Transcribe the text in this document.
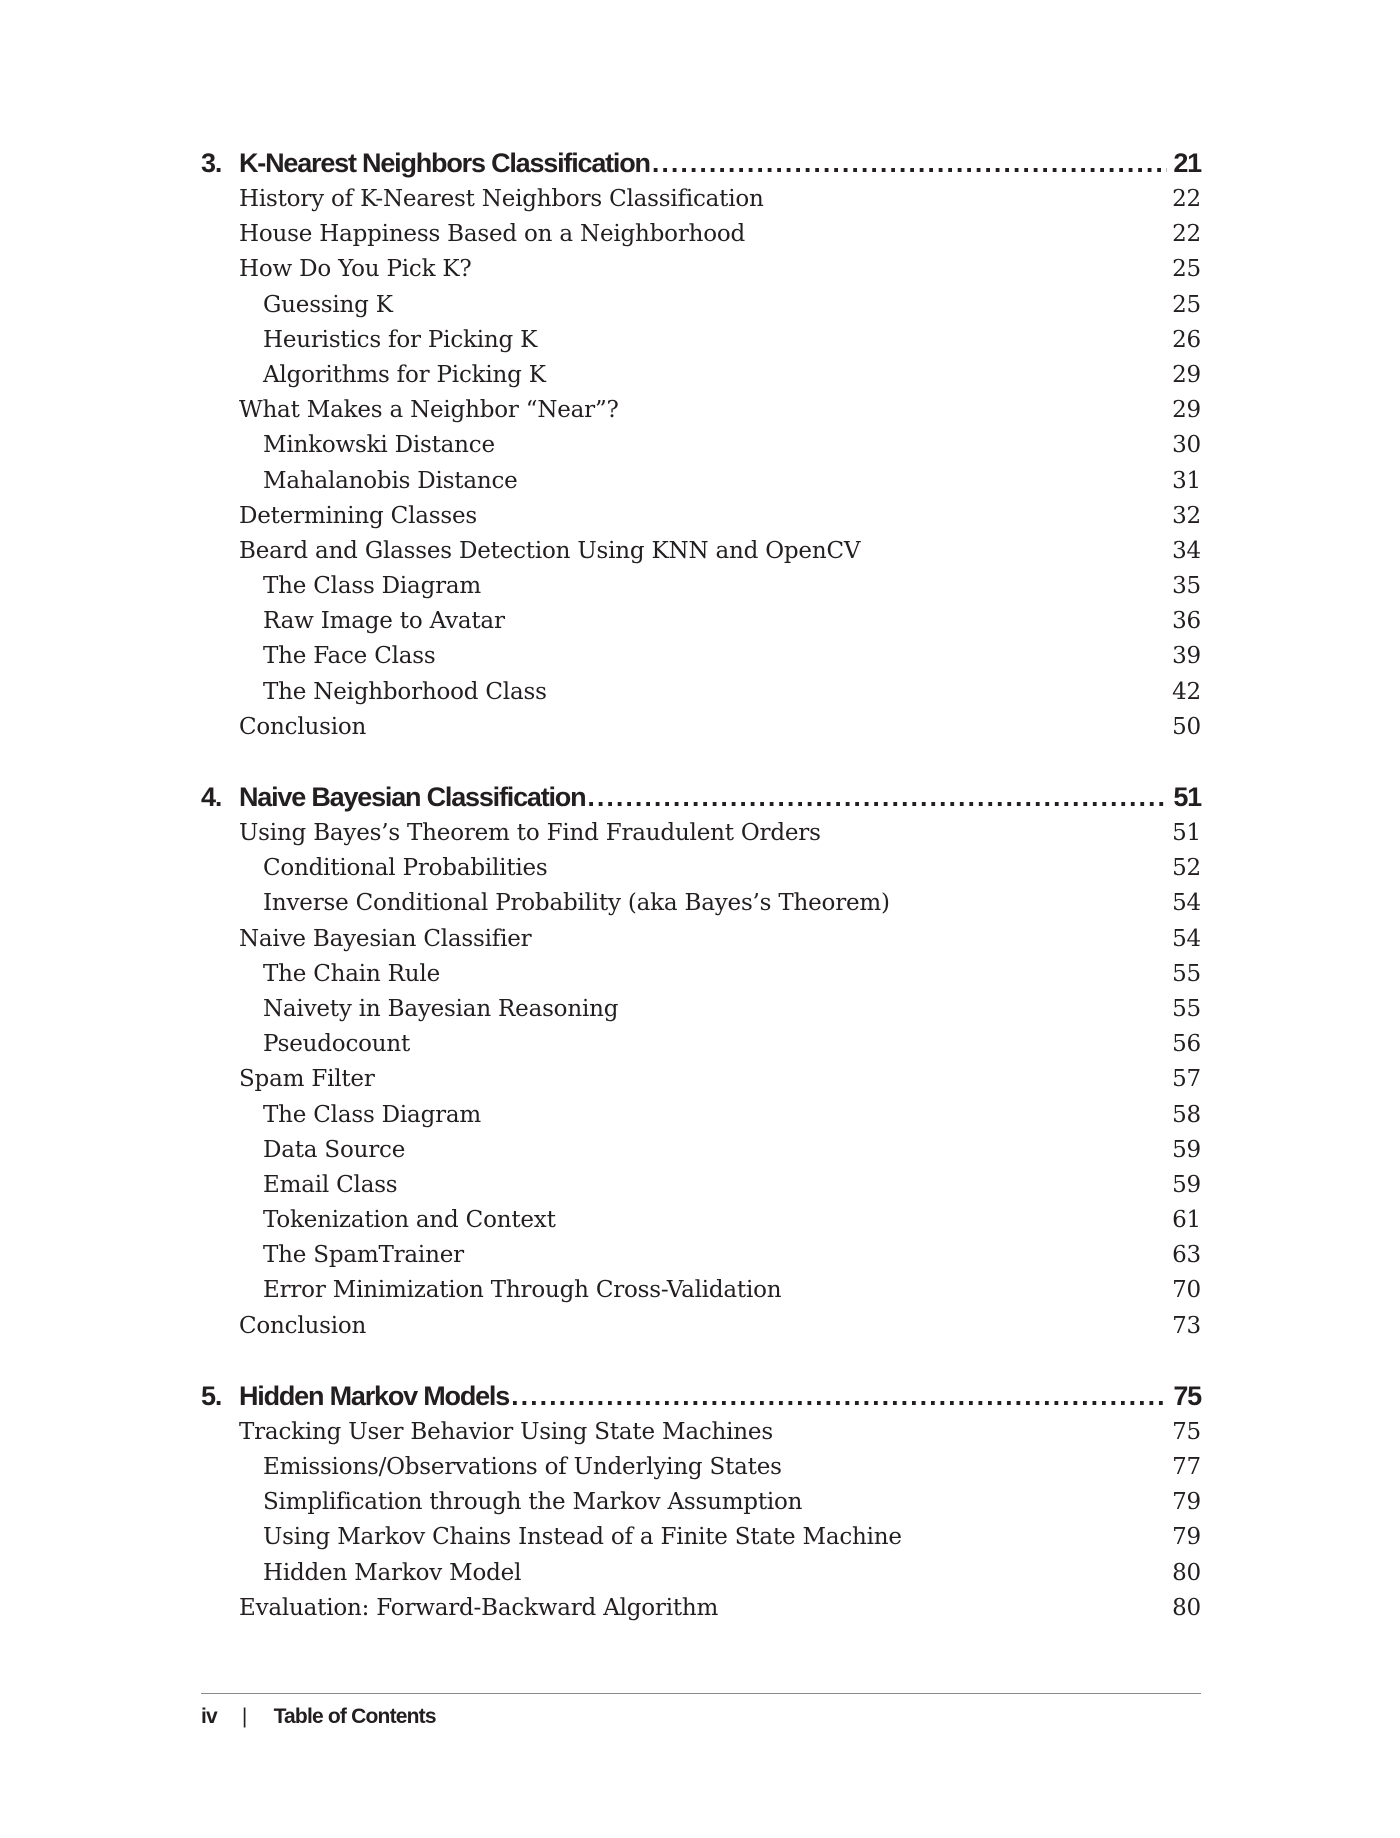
3. K-Nearest Neighbors Classification .....	21
History of K-Nearest Neighbors Classification	22
House Happiness Based on a Neighborhood	22
How Do You Pick K?	25
Guessing K	25
Heuristics for Picking K	26
Algorithms for Picking K	29
What Makes a Neighbor “Near”?	29
Minkowski Distance	30
Mahalanobis Distance	31
Determining Classes	32
Beard and Glasses Detection Using KNN and OpenCV	34
The Class Diagram	35
Raw Image to Avatar	36
The Face Class	39
The Neighborhood Class	42
Conclusion	50
4. Naive Bayesian Classification .....	51
Using Bayes’s Theorem to Find Fraudulent Orders	51
Conditional Probabilities	52
Inverse Conditional Probability (aka Bayes’s Theorem)	54
Naive Bayesian Classifier	54
The Chain Rule	55
Naivety in Bayesian Reasoning	55
Pseudocount	56
Spam Filter	57
The Class Diagram	58
Data Source	59
Email Class	59
Tokenization and Context	61
The SpamTrainer	63
Error Minimization Through Cross-Validation	70
Conclusion	73
5. Hidden Markov Models .....	75
Tracking User Behavior Using State Machines	75
Emissions/Observations of Underlying States	77
Simplification through the Markov Assumption	79
Using Markov Chains Instead of a Finite State Machine	79
Hidden Markov Model	80
Evaluation: Forward-Backward Algorithm	80
iv | Table of Contents
